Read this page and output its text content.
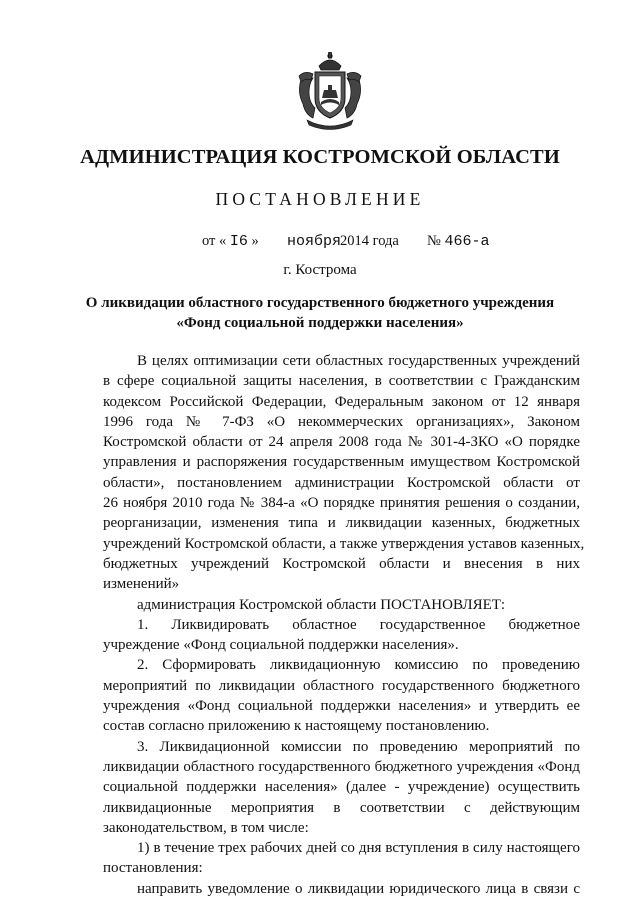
АДМИНИСТРАЦИЯ КОСТРОМСКОЙ ОБЛАСТИ
ПОСТАНОВЛЕНИЕ
от « I6 » ноября
2014 года № 466-а
г. Кострома
О ликвидации областного государственного бюджетного учреждения
«Фонд социальной поддержки населения»
В целях оптимизации сети областных государственных учреждений
в сфере социальной защиты населения, в соответствии с Гражданским
кодексом Российской Федерации, Федеральным законом от 12 января
1996 года № 7-ФЗ «О некоммерческих организациях», Законом
Костромской области от 24 апреля 2008 года № 301-4-ЗКО «О порядке
управления и распоряжения государственным имуществом Костромской
области», постановлением администрации Костромской области от
26 ноября 2010 года № 384-а «О порядке принятия решения о создании,
реорганизации, изменения типа и ликвидации казенных, бюджетных
учреждений Костромской области, а также утверждения уставов казенных,
бюджетных учреждений Костромской области и внесения в них
изменений»
администрация Костромской области ПОСТАНОВЛЯЕТ:
1. Ликвидировать областное государственное бюджетное
учреждение «Фонд социальной поддержки населения».
2. Сформировать ликвидационную комиссию по проведению
мероприятий по ликвидации областного государственного бюджетного
учреждения «Фонд социальной поддержки населения» и утвердить ее
состав согласно приложению к настоящему постановлению.
3. Ликвидационной комиссии по проведению мероприятий по
ликвидации областного государственного бюджетного учреждения «Фонд
социальной поддержки населения» (далее - учреждение) осуществить
ликвидационные мероприятия в соответствии с действующим
законодательством, в том числе:
1) в течение трех рабочих дней со дня вступления в силу настоящего
постановления:
направить уведомление о ликвидации юридического лица в связи с
